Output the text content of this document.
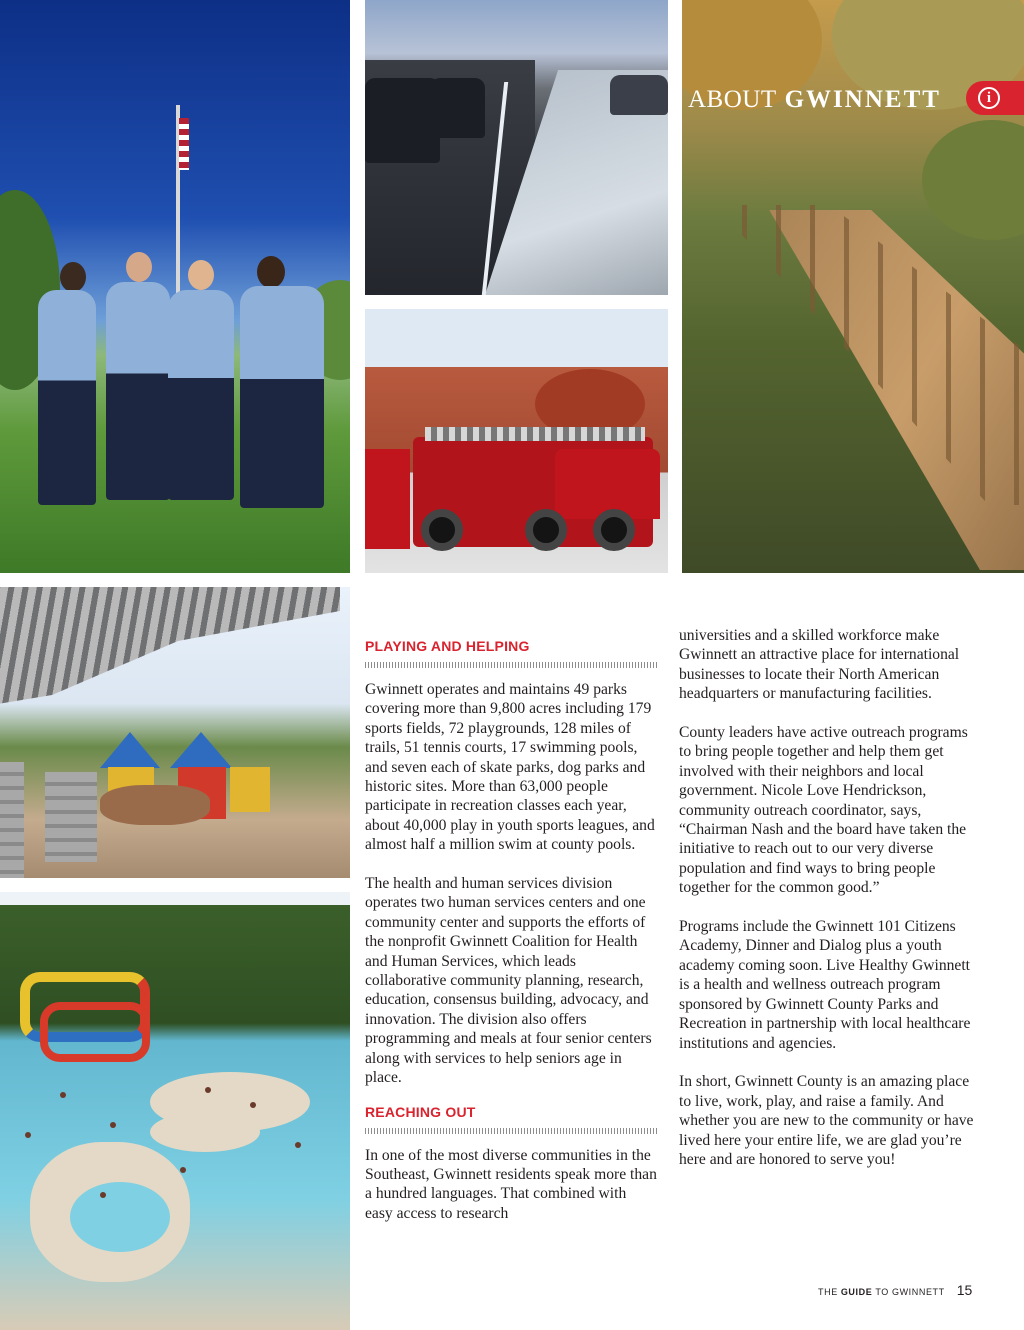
ABOUT GWINNETT	i
PLAYING AND HELPING

Gwinnett operates and maintains 49 parks covering more than 9,800 acres including 179 sports fields, 72 playgrounds, 128 miles of trails, 51 tennis courts, 17 swimming pools, and seven each of skate parks, dog parks and historic sites. More than 63,000 people participate in recreation classes each year, about 40,000 play in youth sports leagues, and almost half a million swim at county pools.

The health and human services division operates two human services centers and one community center and supports the efforts of the nonprofit Gwinnett Coalition for Health and Human Services, which leads collaborative community planning, research, education, consensus building, advocacy, and innovation. The division also offers programming and meals at four senior centers along with services to help seniors age in place.

REACHING OUT

In one of the most diverse communities in the Southeast, Gwinnett residents speak more than a hundred languages. That combined with easy access to research

universities and a skilled workforce make Gwinnett an attractive place for international businesses to locate their North American headquarters or manufacturing facilities.

County leaders have active outreach programs to bring people together and help them get involved with their neighbors and local government. Nicole Love Hendrickson, community outreach coordinator, says, “Chairman Nash and the board have taken the initiative to reach out to our very diverse population and find ways to bring people together for the common good.”

Programs include the Gwinnett 101 Citizens Academy, Dinner and Dialog plus a youth academy coming soon. Live Healthy Gwinnett is a health and wellness outreach program sponsored by Gwinnett County Parks and Recreation in partnership with local healthcare institutions and agencies.

In short, Gwinnett County is an amazing place to live, work, play, and raise a family. And whether you are new to the community or have lived here your entire life, we are glad you’re here and are honored to serve you!

THE GUIDE TO GWINNETT 15
